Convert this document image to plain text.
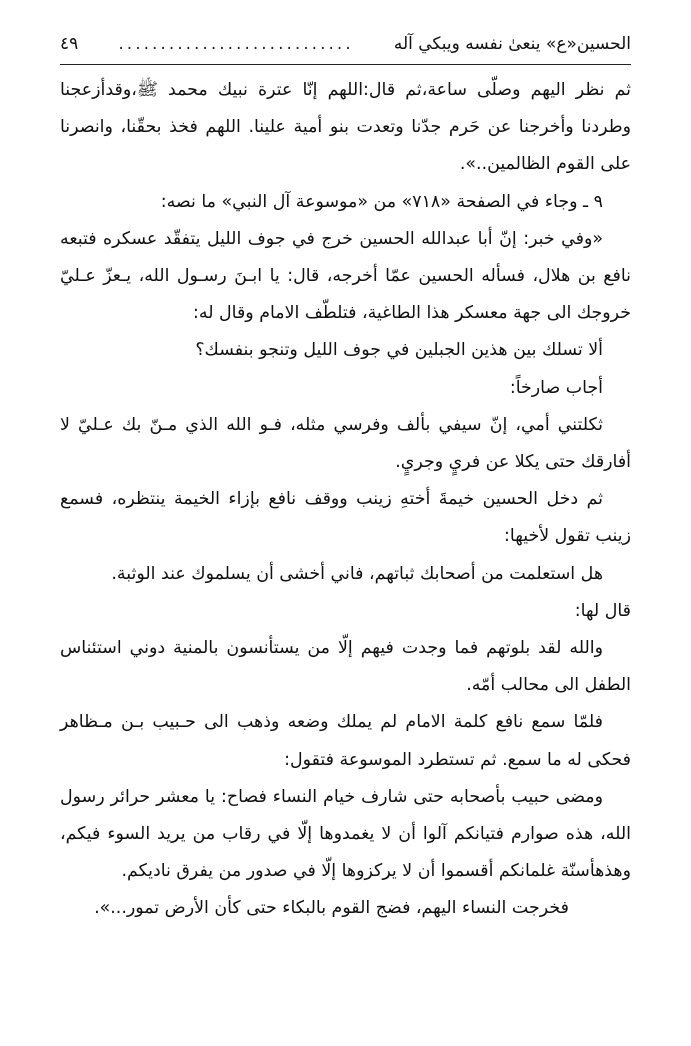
الحسين«ع» ينعىٰ نفسه ويبكي آله
............................
٤٩

ثم نظر اليهم وصلّى ساعة،ثم قال:اللهم إنّا عترة نبيك محمد ﷺ،وقدأزعجنا وطردنا وأخرجنا عن حَرم جدّنا وتعدت بنو أمية علينا. اللهم فخذ بحقّنا، وانصرنا على القوم الظالمين..».

٩ ـ وجاء في الصفحة «٧١٨» من «موسوعة آل النبي» ما نصه:

«وفي خبر: إنّ أبا عبدالله الحسين خرج في جوف الليل يتفقّد عسكره فتبعه نافع بن هلال، فسأله الحسين عمّا أخرجه، قال: يا ابـنَ رسـول الله، يـعزّ عـليّ خروجك الى جهة معسكر هذا الطاغية، فتلطّف الامام وقال له:

ألا تسلك بين هذين الجبلين في جوف الليل وتنجو بنفسك؟

أجاب صارخاً:

ثكلتني أمي، إنّ سيفي بألف وفرسي مثله، فـو الله الذي مـنّ بك عـليّ لا أفارقك حتى يكلا عن فريٍ وجريٍ.

ثم دخل الحسين خيمةَ أختهِ زينب ووقف نافع بإزاء الخيمة ينتظره، فسمع زينب تقول لأخيها:

هل استعلمت من أصحابك ثباتهم، فاني أخشى أن يسلموك عند الوثبة.

قال لها:

والله لقد بلوتهم فما وجدت فيهم إلّا من يستأنسون بالمنية دوني استئناس الطفل الى محالب أمّه.

فلمّا سمع نافع كلمة الامام لم يملك وضعه وذهب الى حـبيب بـن مـظاهر فحكى له ما سمع. ثم تستطرد الموسوعة فتقول:

ومضى حبيب بأصحابه حتى شارف خيام النساء فصاح: يا معشر حرائر رسول الله، هذه صوارم فتيانكم آلوا أن لا يغمدوها إلّا في رقاب من يريد السوء فيكم، وهذهأسنّة غلمانكم أقسموا أن لا يركزوها إلّا في صدور من يفرق ناديكم.

فخرجت النساء اليهم، فضج القوم بالبكاء حتى كأن الأرض تمور...».
